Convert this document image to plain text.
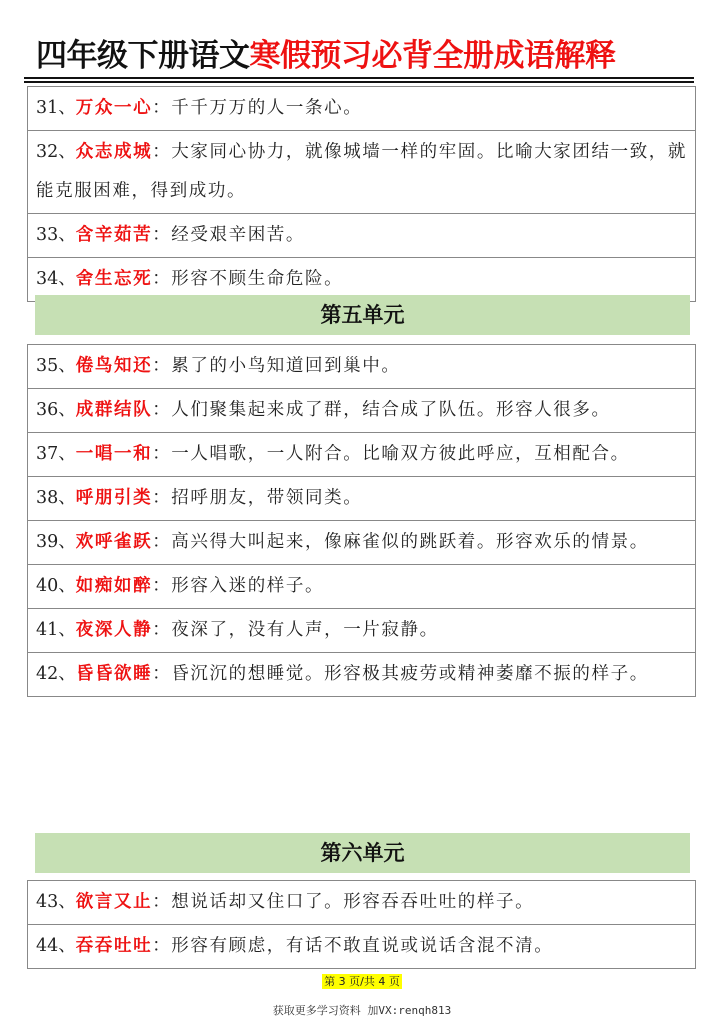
四年级下册语文寒假预习必背全册成语解释
31、万众一心：千千万万的人一条心。
32、众志成城：大家同心协力，就像城墙一样的牢固。比喻大家团结一致，就能克服困难，得到成功。
33、含辛茹苦：经受艰辛困苦。
34、舍生忘死：形容不顾生命危险。
第五单元
35、倦鸟知还：累了的小鸟知道回到巢中。
36、成群结队：人们聚集起来成了群，结合成了队伍。形容人很多。
37、一唱一和：一人唱歌，一人附合。比喻双方彼此呼应，互相配合。
38、呼朋引类：招呼朋友，带领同类。
39、欢呼雀跃：高兴得大叫起来，像麻雀似的跳跃着。形容欢乐的情景。
40、如痴如醉：形容入迷的样子。
41、夜深人静：夜深了，没有人声，一片寂静。
42、昏昏欲睡：昏沉沉的想睡觉。形容极其疲劳或精神萎靡不振的样子。
第六单元
43、欲言又止：想说话却又住口了。形容吞吞吐吐的样子。
44、吞吞吐吐：形容有顾虑，有话不敢直说或说话含混不清。
第 3 页/共 4 页
获取更多学习资料 加VX:renqh813
